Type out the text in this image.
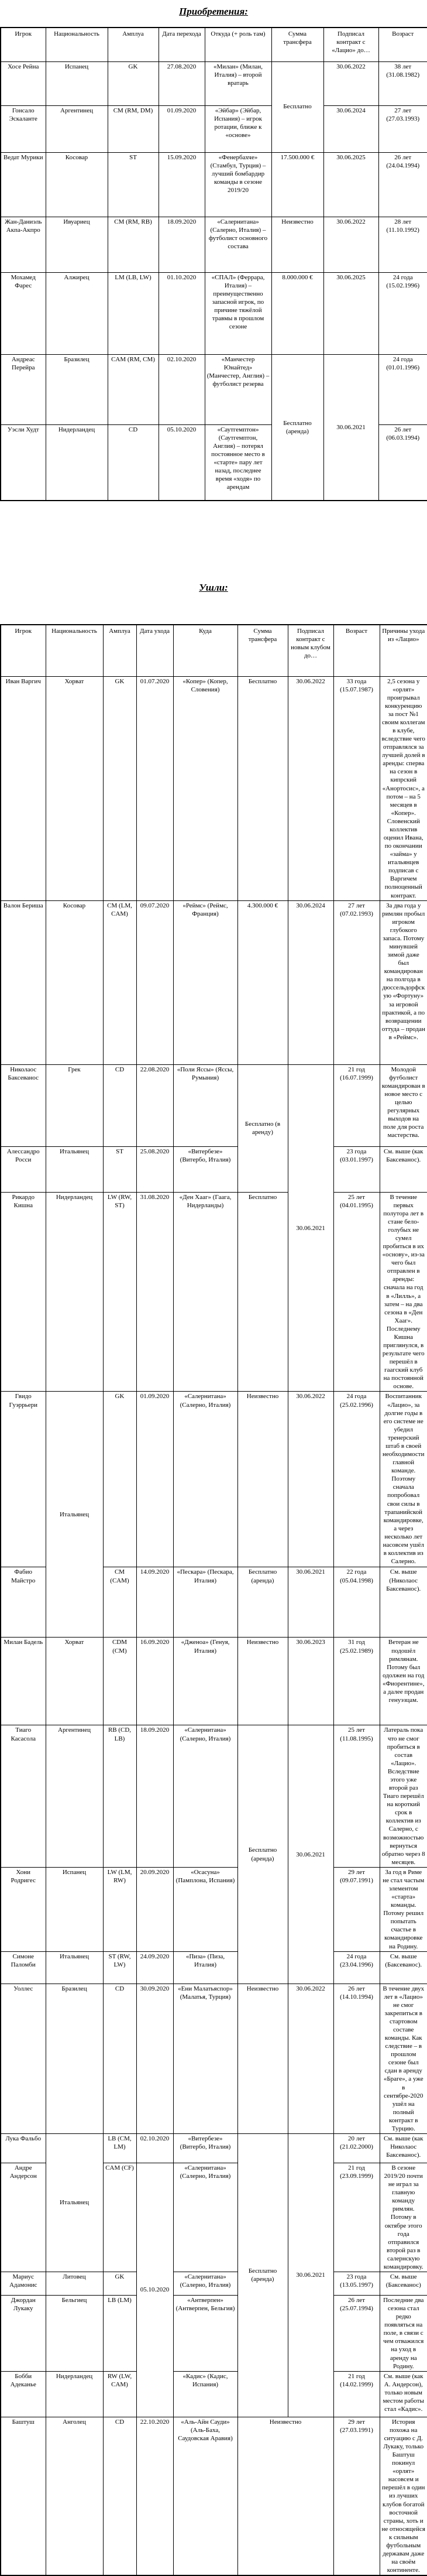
Приобретения:
Игрок	Национальность	Амплуа	Дата перехода	Откуда (+ роль там)	Сумма трансфера	Подписал контракт с «Лацио» до…	Возраст
Хосе Рейна	Испанец	GK	27.08.2020	«Милан» (Милан, Италия) – второй вратарь	Бесплатно	30.06.2022	38 лет (31.08.1982)
Гонсало Эскаланте	Аргентинец	CM (RM, DM)	01.09.2020	«Эйбар» (Эйбар, Испания) – игрок ротации, ближе к «основе»		30.06.2024	27 лет (27.03.1993)
Ведат Мурики	Косовар	ST	15.09.2020	«Фенербахче» (Стамбул, Турция) – лучший бомбардир команды в сезоне 2019/20	17.500.000 €	30.06.2025	26 лет (24.04.1994)
Жан-Даниэль Акпа-Акпро	Ивуариец	CM (RM, RB)	18.09.2020	«Салернитана» (Салерно, Италия) – футболист основного состава	Неизвестно	30.06.2022	28 лет (11.10.1992)
Мохамед Фарес	Алжирец	LM (LB, LW)	01.10.2020	«СПАЛ» (Феррара, Италия) – преимущественно запасной игрок, по причине тяжёлой травмы в прошлом сезоне	8.000.000 €	30.06.2025	24 года (15.02.1996)
Андреас Перейра	Бразилец	CAM (RM, CM)	02.10.2020	«Манчестер Юнайтед» (Манчестер, Англия) – футболист резерва	Бесплатно (аренда)	30.06.2021	24 года (01.01.1996)
Уэсли Худт	Нидерландец	CD	05.10.2020	«Саутгемптон» (Саутгемптон, Англия) – потерял постоянное место в «старте» пару лет назад, последнее время «ходя» по арендам			26 лет (06.03.1994)
Ушли:
Игрок	Национальность	Амплуа	Дата ухода	Куда	Сумма трансфера	Подписал контракт с новым клубом до…	Возраст	Причины ухода из «Лацио»
Иван Варгич	Хорват	GK	01.07.2020	«Копер» (Копер, Словения)	Бесплатно	30.06.2022	33 года (15.07.1987)	2,5 сезона у «орлят» проигрывал конкуренцию за пост №1 своим коллегам в клубе, вследствие чего отправлялся за лучшей долей в аренды: сперва на сезон в кипрский «Анортосис», а потом – на 5 месяцев в «Копер». Словенский коллектив оценил Ивана, по окончании «займа» у итальянцев подписав с Варгичем полноценный контракт.
Валон Бериша	Косовар	CM (LM, CAM)	09.07.2020	«Реймс» (Реймс, Франция)	4.300.000 €	30.06.2024	27 лет (07.02.1993)	За два года у римлян пробыл игроком глубокого запаса. Потому минувшей зимой даже был командирован на полгода в дюссельдорфскую «Фортуну» за игровой практикой, а по возвращении оттуда – продан в «Реймс».
Николаос Баксеванос	Грек	CD	22.08.2020	«Поли Яссы» (Яссы, Румыния)	Бесплатно (в аренду)	30.06.2021	21 год (16.07.1999)	Молодой футболист командирован в новое место с целью регулярных выходов на поле для роста мастерства.
Алессандро Росси	Итальянец	ST	25.08.2020	«Витербезе» (Витербо, Италия)			23 года (03.01.1997)	См. выше (как Баксеванос).
Рикардо Кишна	Нидерландец	LW (RW, ST)	31.08.2020	«Ден Хааг» (Гаага, Нидерланды)	Бесплатно		25 лет (04.01.1995)	В течение первых полутора лет в стане бело-голубых не сумел пробиться в их «основу», из-за чего был отправлен в аренды: сначала на год в «Лилль», а затем – на два сезона в «Ден Хааг». Последнему Кишна приглянулся, в результате чего перешёл в гаагский клуб на постоянной основе.
Гвидо Гуэррьери	Итальянец	GK	01.09.2020	«Салернитана» (Салерно, Италия)	Неизвестно	30.06.2022	24 года (25.02.1996)	Воспитанник «Лацио», за долгие годы в его системе не убедил тренерский штаб в своей необходимости главной команде. Поэтому сначала попробовал свои силы в трапанийской командировке, а через несколько лет насовсем ушёл в коллектив из Салерно.
Фабио Майстро		CM (CAM)	14.09.2020	«Пескара» (Пескара, Италия)	Бесплатно (аренда)	30.06.2021	22 года (05.04.1998)	См. выше (Николаос Баксеванос).
Милан Бадель	Хорват	CDM (CM)	16.09.2020	«Дженоа» (Генуя, Италия)	Неизвестно	30.06.2023	31 год (25.02.1989)	Ветеран не подошёл римлянам. Потому был одолжен на год «Фиорентине», а далее продан генуэзцам.
Тиаго Касасола	Аргентинец	RB (CD, LB)	18.09.2020	«Салернитана» (Салерно, Италия)	Бесплатно (аренда)	30.06.2021	25 лет (11.08.1995)	Латераль пока что не смог пробиться в состав «Лацио». Вследствие этого уже второй раз Тиаго перешёл на короткий срок в коллектив из Салерно, с возможностью вернуться обратно через 8 месяцев.
Хони Родригес	Испанец	LW (LM, RW)	20.09.2020	«Осасуна» (Памплона, Испания)			29 лет (09.07.1991)	За год в Риме не стал частым элементом «старта» команды. Потому решил попытать счастье в командировке на Родину.
Симоне Паломби	Итальянец	ST (RW, LW)	24.09.2020	«Пиза» (Пиза, Италия)			24 года (23.04.1996)	См. выше (Баксеванос).
Уоллес	Бразилец	CD	30.09.2020	«Ени Малатьяспор» (Малатья, Турция)	Неизвестно	30.06.2022	26 лет (14.10.1994)	В течение двух лет в «Лацио» не смог закрепиться в стартовом составе команды. Как следствие – в прошлом сезоне был сдан в аренду «Браге», а уже в сентябре-2020 ушёл на полный контракт в Турцию.
Лука Фальбо	Итальянец	LB (CM, LM)	02.10.2020	«Витербезе» (Витербо, Италия)	Бесплатно (аренда)	30.06.2021	20 лет (21.02.2000)	См. выше (как Николаос Баксеванос).
Андре Андерсон		CAM (CF)	05.10.2020	«Салернитана» (Салерно, Италия)			21 год (23.09.1999)	В сезоне 2019/20 почти не играл за главную команду римлян. Потому в октябре этого года отправился второй раз в салернскую командировку.
Мариус Адамонис	Литовец	GK		«Салернитана» (Салерно, Италия)			23 года (13.05.1997)	См. выше (Баксеванос)
Джордан Лукаку	Бельгиец	LB (LM)		«Антверпен» (Антверпен, Бельгия)			26 лет (25.07.1994)	Последние два сезона стал редко появляться на поле, в связи с чем отважился на уход в аренду на Родину.
Бобби Адеканье	Нидерландец	RW (LW, CAM)		«Кадис» (Кадис, Испания)			21 год (14.02.1999)	См. выше (как А. Андерсон), только новым местом работы стал «Кадис».
Баштуш	Анголец	CD	22.10.2020	«Аль-Айн Сауди» (Аль-Баха, Саудовская Аравия)	Неизвестно		29 лет (27.03.1991)	История похожа на ситуацию с Д. Лукаку, только Баштуш покинул «орлят» насовсем и перешёл в один из лучших клубов богатой восточной страны, хоть и не относящейся к сильным футбольным державам даже на своём континенте.
